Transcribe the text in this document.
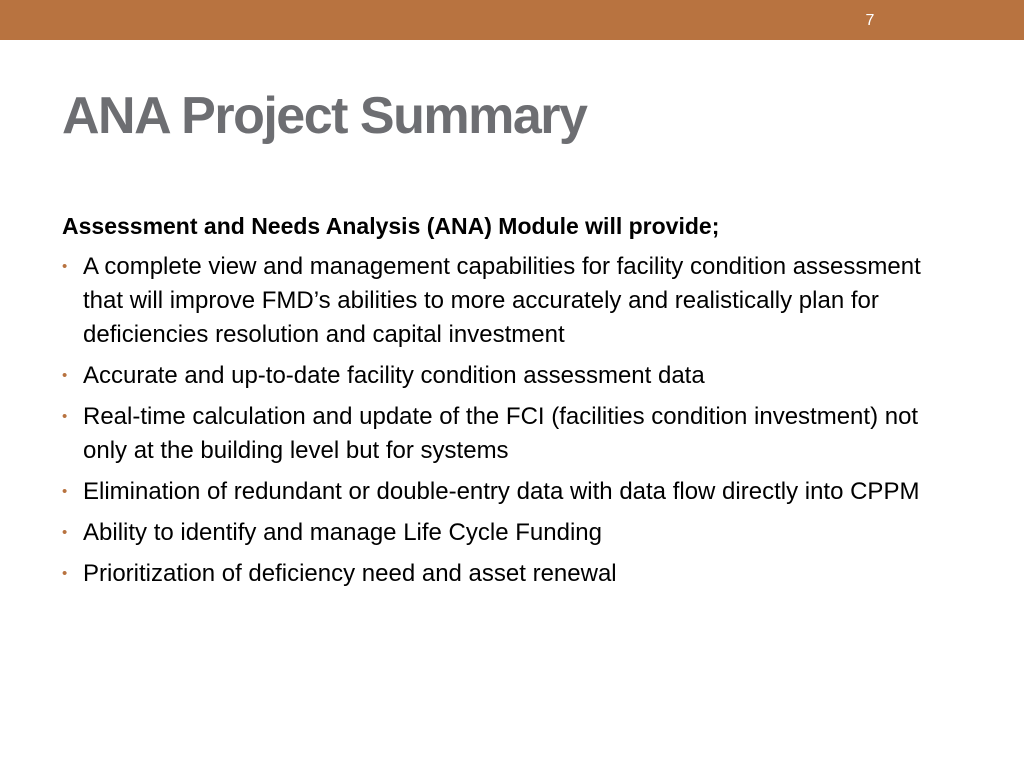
7
ANA Project Summary

Assessment and Needs Analysis (ANA) Module will provide;

• A complete view and management capabilities for facility condition assessment that will improve FMD’s abilities to more accurately and realistically plan for deficiencies resolution and capital investment
• Accurate and up-to-date facility condition assessment data
• Real-time calculation and update of the FCI (facilities condition investment) not only at the building level but for systems
• Elimination of redundant or double-entry data with data flow directly into CPPM
• Ability to identify and manage Life Cycle Funding
• Prioritization of deficiency need and asset renewal
